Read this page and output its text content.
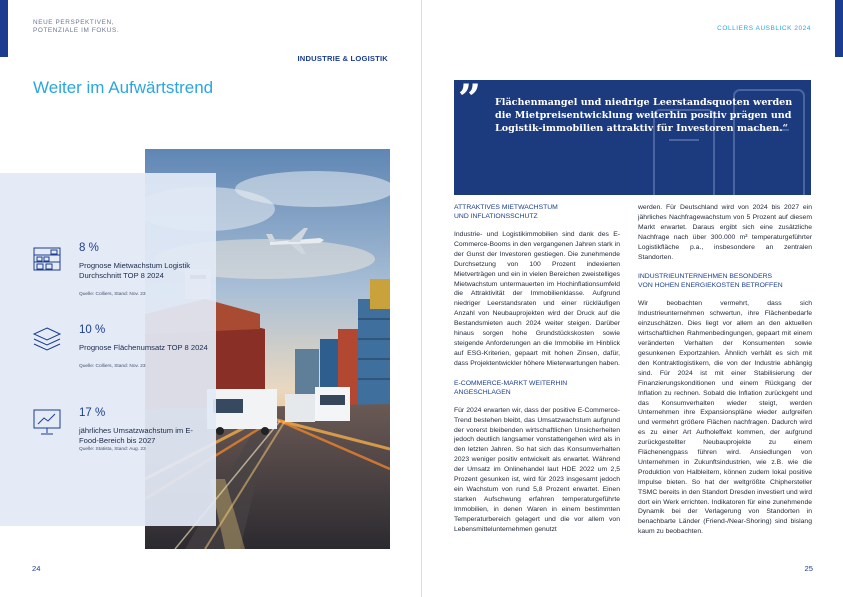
NEUE PERSPEKTIVEN,
POTENZIALE IM FOKUS.
INDUSTRIE & LOGISTIK
Weiter im Aufwärtstrend
8 %
Prognose Mietwachstum Logistik Durchschnitt TOP 8 2024
Quelle: Colliers, Stand: Nov. 23
10 %
Prognose Flächenumsatz TOP 8 2024
Quelle: Colliers, Stand: Nov. 23
17 %
jährliches Umsatzwachstum im E-Food-Bereich bis 2027
Quelle: Statista, Stand: Aug. 23
24
COLLIERS AUSBLICK 2024
” Flächenmangel und niedrige Leerstandsquoten werden die Mietpreisentwicklung weiterhin positiv prägen und Logistik-immobilien attraktiv für Investoren machen.“
ATTRAKTIVES MIETWACHSTUM
UND INFLATIONSSCHUTZ

Industrie- und Logistikimmobilien sind dank des E-Commerce-Booms in den vergangenen Jahren stark in der Gunst der Investoren gestiegen. Die zunehmende Durchsetzung von 100 Prozent indexierten Mietverträgen und ein in vielen Bereichen zweistelliges Mietwachstum untermauerten im Hochinflationsumfeld die Attraktivität der Immobilienklasse. Aufgrund niedriger Leerstandsraten und einer rückläufigen Anzahl von Neubauprojekten wird der Druck auf die Bestandsmieten auch 2024 weiter steigen. Darüber hinaus sorgen hohe Grundstückskosten sowie steigende Anforderungen an die Immobilie im Hinblick auf ESG-Kriterien, gepaart mit hohen Zinsen, dafür, dass Projektentwickler höhere Mieterwartungen haben.

E-COMMERCE-MARKT WEITERHIN ANGESCHLAGEN

Für 2024 erwarten wir, dass der positive E-Commerce-Trend bestehen bleibt, das Umsatzwachstum aufgrund der vorerst bleibenden wirtschaftlichen Unsicherheiten jedoch deutlich langsamer vonstattengehen wird als in den letzten Jahren. So hat sich das Konsumverhalten 2023 weniger positiv entwickelt als erwartet. Während der Umsatz im Onlinehandel laut HDE 2022 um 2,5 Prozent gesunken ist, wird für 2023 insgesamt jedoch ein Wachstum von rund 5,8 Prozent erwartet. Einen starken Aufschwung erfahren temperaturgeführte Immobilien, in denen Waren in einem bestimmten Temperaturbereich gelagert und die vor allem von Lebensmittelunternehmen genutzt

werden. Für Deutschland wird von 2024 bis 2027 ein jährliches Nachfragewachstum von 5 Prozent auf diesem Markt erwartet. Daraus ergibt sich eine zusätzliche Nachfrage nach über 300.000 m² temperaturgeführter Logistikfläche p.a., insbesondere an zentralen Standorten.

INDUSTRIEUNTERNEHMEN BESONDERS
VON HOHEN ENERGIEKOSTEN BETROFFEN

Wir beobachten vermehrt, dass sich Industrieunternehmen schwertun, ihre Flächenbedarfe einzuschätzen. Dies liegt vor allem an den aktuellen wirtschaftlichen Rahmenbedingungen, gepaart mit einem veränderten Verhalten der Konsumenten sowie gesunkenen Exportzahlen. Ähnlich verhält es sich mit den Kontraktlogistikern, die von der Industrie abhängig sind. Für 2024 ist mit einer Stabilisierung der Finanzierungskonditionen und einem Rückgang der Inflation zu rechnen. Sobald die Inflation zurückgeht und das Konsumverhalten wieder steigt, werden Unternehmen ihre Expansionspläne wieder aufgreifen und vermehrt größere Flächen nachfragen. Dadurch wird es zu einer Art Aufholeffekt kommen, der aufgrund zurückgestellter Neubauprojekte zu einem Flächenengpass führen wird. Ansiedlungen von Unternehmen in Zukunftsindustrien, wie z.B. wie die Produktion von Halbleitern, können zudem lokal positive Impulse bieten. So hat der weltgrößte Chiphersteller TSMC bereits in den Standort Dresden investiert und wird dort ein Werk errichten. Indikatoren für eine zunehmende Dynamik bei der Verlagerung von Standorten in benachbarte Länder (Friend-/Near-Shoring) sind bislang kaum zu beobachten.

25
